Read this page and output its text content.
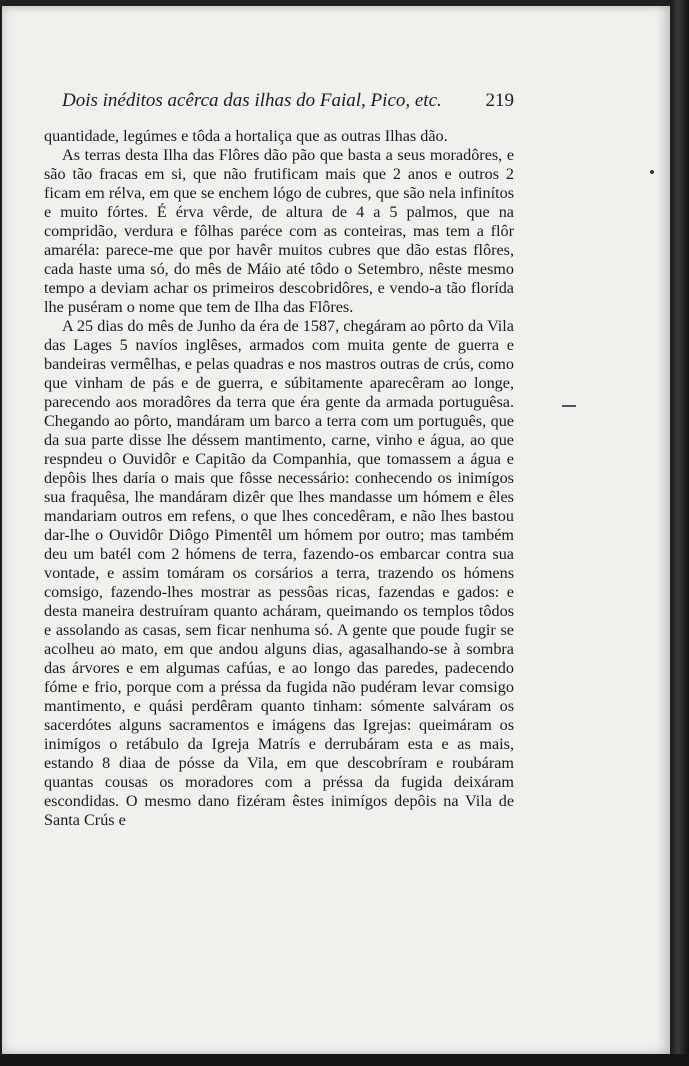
Dois inéditos acêrca das ilhas do Faial, Pico, etc. 219

quantidade, legúmes e tôda a hortaliça que as outras Ilhas dão.

As terras desta Ilha das Flôres dão pão que basta a seus moradôres, e são tão fracas em si, que não frutificam mais que 2 anos e outros 2 ficam em rélva, em que se enchem lógo de cubres, que são nela infinítos e muito fórtes. É érva vêrde, de altura de 4 a 5 palmos, que na compridão, verdura e fôlhas paréce com as conteiras, mas tem a flôr amaréla: parece-me que por havêr muitos cubres que dão estas flôres, cada haste uma só, do mês de Máio até tôdo o Setembro, nêste mesmo tempo a deviam achar os primeiros descobridôres, e vendo-a tão florída lhe puséram o nome que tem de Ilha das Flôres.

A 25 dias do mês de Junho da éra de 1587, chegáram ao pôrto da Vila das Lages 5 navíos inglêses, armados com muita gente de guerra e bandeiras vermêlhas, e pelas quadras e nos mastros outras de crús, como que vinham de pás e de guerra, e súbitamente aparecêram ao longe, parecendo aos moradôres da terra que éra gente da armada portuguêsa. Chegando ao pôrto, mandáram um barco a terra com um português, que da sua parte disse lhe déssem mantimento, carne, vinho e água, ao que respndeu o Ouvidôr e Capitão da Companhia, que tomassem a água e depôis lhes daría o mais que fôsse necessário: conhecendo os inimígos sua fraquêsa, lhe mandáram dizêr que lhes mandasse um hómem e êles mandariam outros em refens, o que lhes concedêram, e não lhes bastou dar-lhe o Ouvidôr Diôgo Pimentêl um hómem por outro; mas também deu um batél com 2 hómens de terra, fazendo-os embarcar contra sua vontade, e assim tomáram os corsários a terra, trazendo os hómens comsigo, fazendo-lhes mostrar as pessôas ricas, fazendas e gados: e desta maneira destruíram quanto acháram, queimando os templos tôdos e assolando as casas, sem ficar nenhuma só. A gente que poude fugir se acolheu ao mato, em que andou alguns dias, agasalhando-se à sombra das árvores e em algumas cafúas, e ao longo das paredes, padecendo fóme e frio, porque com a préssa da fugida não pudéram levar comsigo mantimento, e quási perdêram quanto tinham: sómente salváram os sacerdótes alguns sacramentos e imágens das Igrejas: queimáram os inimígos o retábulo da Igreja Matrís e derrubáram esta e as mais, estando 8 diaa de pósse da Vila, em que descobríram e roubáram quantas cousas os moradores com a préssa da fugida deixáram escondidas. O mesmo dano fizéram êstes inimígos depôis na Vila de Santa Crús e
